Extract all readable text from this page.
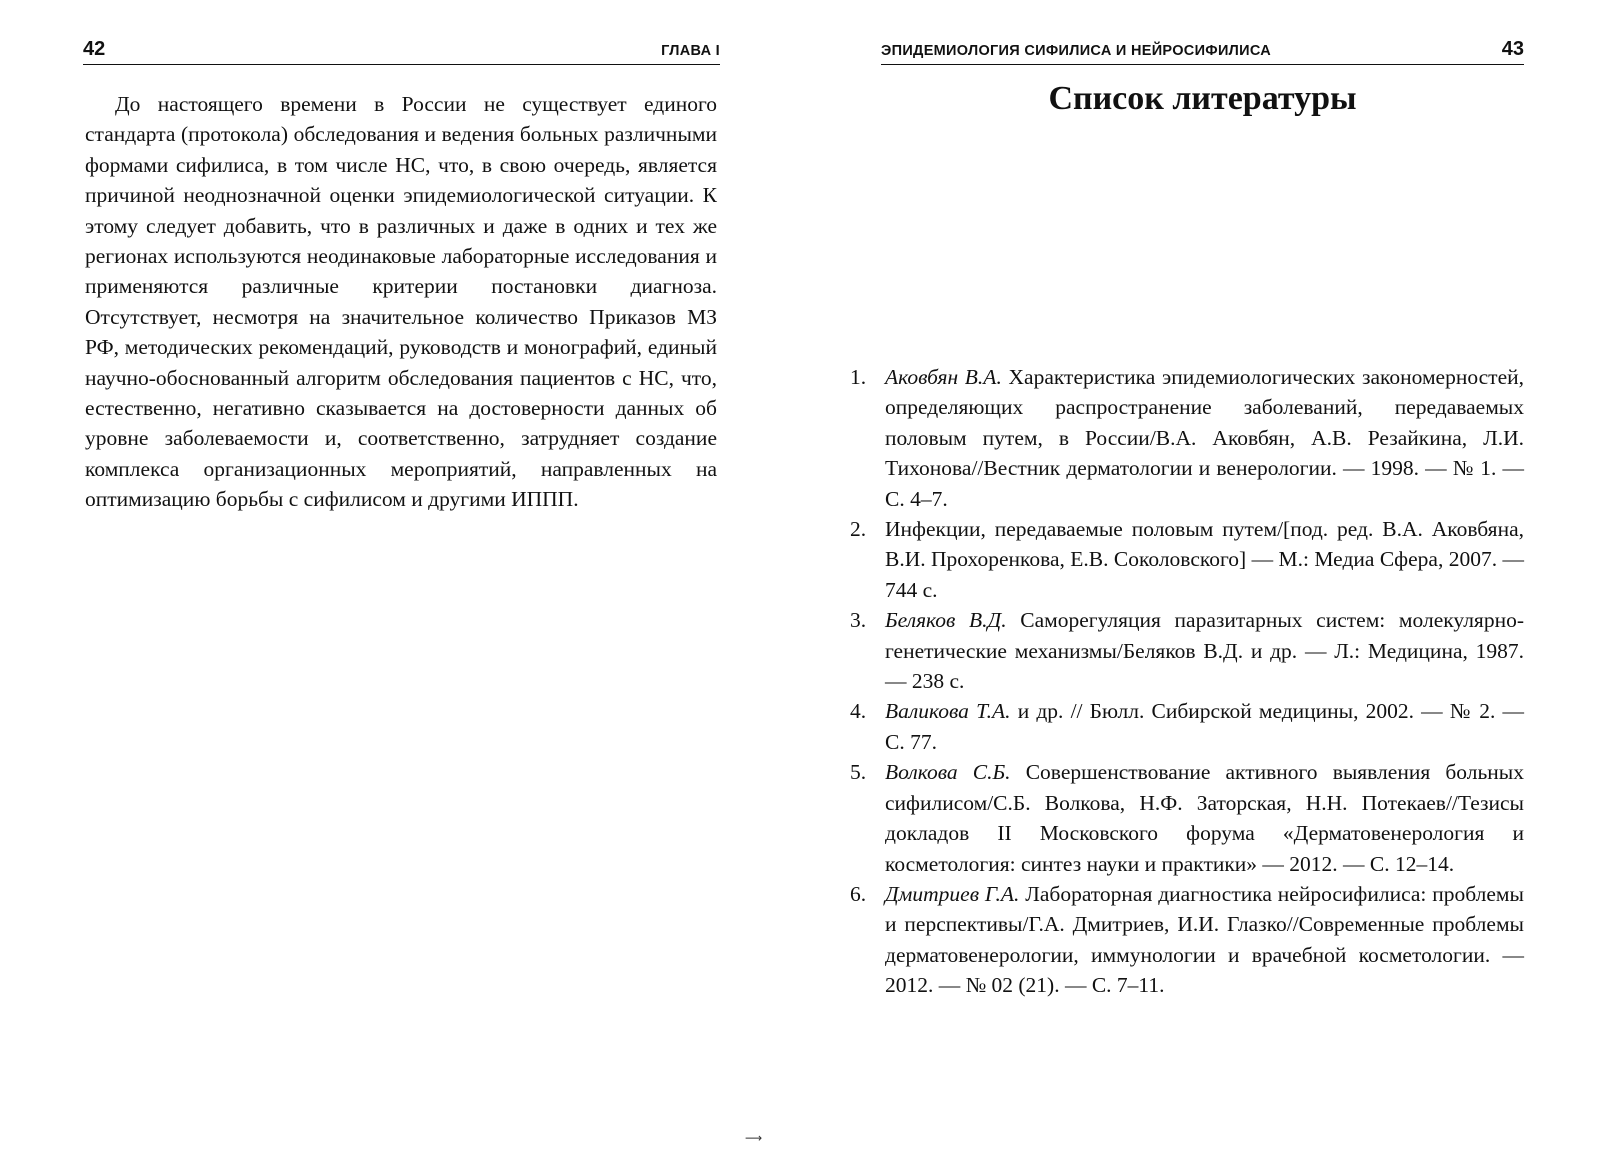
42	ГЛАВА I

До настоящего времени в России не существует единого стандарта (протокола) обследования и ведения больных различными формами сифилиса, в том числе НС, что, в свою очередь, является причиной неоднозначной оценки эпидемиологической ситуации. К этому следует добавить, что в различных и даже в одних и тех же регионах используются неодинаковые лабораторные исследования и применяются различные критерии постановки диагноза. Отсутствует, несмотря на значительное количество Приказов МЗ РФ, методических рекомендаций, руководств и монографий, единый научно-обоснованный алгоритм обследования пациентов с НС, что, естественно, негативно сказывается на достоверности данных об уровне заболеваемости и, соответственно, затрудняет создание комплекса организационных мероприятий, направленных на оптимизацию борьбы с сифилисом и другими ИППП.

ЭПИДЕМИОЛОГИЯ СИФИЛИСА И НЕЙРОСИФИЛИСА	43
Список литературы
1. Аковбян В.А. Характеристика эпидемиологических закономерностей, определяющих распространение заболеваний, передаваемых половым путем, в России/В.А. Аковбян, А.В. Резайкина, Л.И. Тихонова//Вестник дерматологии и венерологии. — 1998. — № 1. — С. 4–7.
2. Инфекции, передаваемые половым путем/[под. ред. В.А. Аковбяна, В.И. Прохоренкова, Е.В. Соколовского] — М.: Медиа Сфера, 2007. — 744 с.
3. Беляков В.Д. Саморегуляция паразитарных систем: молекулярно-генетические механизмы/Беляков В.Д. и др. — Л.: Медицина, 1987. — 238 с.
4. Валикова Т.А. и др. // Бюлл. Сибирской медицины, 2002. — № 2. — С. 77.
5. Волкова С.Б. Совершенствование активного выявления больных сифилисом/С.Б. Волкова, Н.Ф. Заторская, Н.Н. Потекаев//Тезисы докладов II Московского форума «Дерматовенерология и косметология: синтез науки и практики» — 2012. — С. 12–14.
6. Дмитриев Г.А. Лабораторная диагностика нейросифилиса: проблемы и перспективы/Г.А. Дмитриев, И.И. Глазко//Современные проблемы дерматовенерологии, иммунологии и врачебной косметологии. — 2012. — № 02 (21). — С. 7–11.
⟶
